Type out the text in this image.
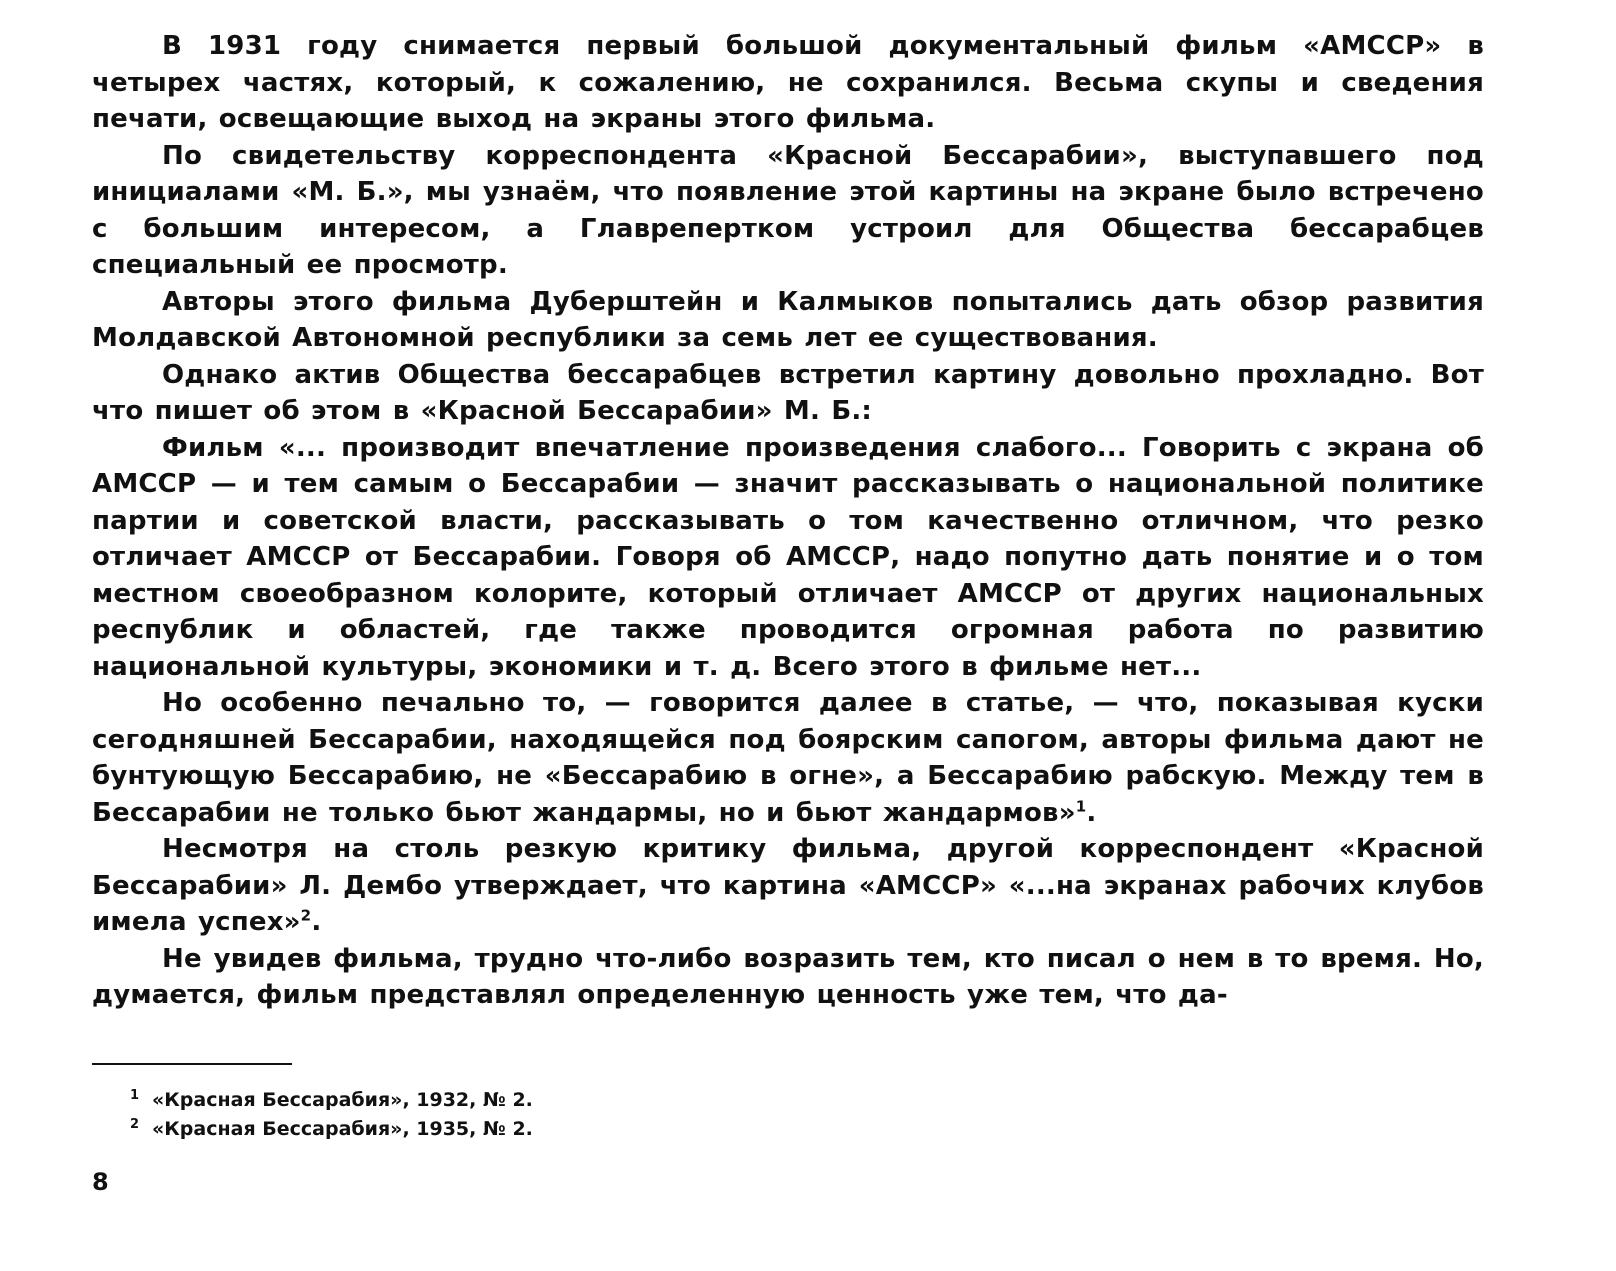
В 1931 году снимается первый большой документальный фильм «АМССР» в четырех частях, который, к сожалению, не сохранился. Весьма скупы и сведения печати, освещающие выход на экраны этого фильма.

По свидетельству корреспондента «Красной Бессарабии», выступавшего под инициалами «М. Б.», мы узнаём, что появление этой картины на экране было встречено с большим интересом, а Главрепертком устроил для Общества бессарабцев специальный ее просмотр.

Авторы этого фильма Дуберштейн и Калмыков попытались дать обзор развития Молдавской Автономной республики за семь лет ее существования.

Однако актив Общества бессарабцев встретил картину довольно прохладно. Вот что пишет об этом в «Красной Бессарабии» М. Б.:

Фильм «... производит впечатление произведения слабого... Говорить с экрана об АМССР — и тем самым о Бессарабии — значит рассказывать о национальной политике партии и советской власти, рассказывать о том качественно отличном, что резко отличает АМССР от Бессарабии. Говоря об АМССР, надо попутно дать понятие и о том местном своеобразном колорите, который отличает АМССР от других национальных республик и областей, где также проводится огромная работа по развитию национальной культуры, экономики и т. д. Всего этого в фильме нет...

Но особенно печально то, — говорится далее в статье, — что, показывая куски сегодняшней Бессарабии, находящейся под боярским сапогом, авторы фильма дают не бунтующую Бессарабию, не «Бессарабию в огне», а Бессарабию рабскую. Между тем в Бессарабии не только бьют жандармы, но и бьют жандармов»$^1$.

Несмотря на столь резкую критику фильма, другой корреспондент «Красной Бессарабии» Л. Дембо утверждает, что картина «АМССР» «...на экранах рабочих клубов имела успех»$^2$.

Не увидев фильма, трудно что-либо возразить тем, кто писал о нем в то время. Но, думается, фильм представлял определенную ценность уже тем, что да-

1 «Красная Бессарабия», 1932, № 2.

2 «Красная Бессарабия», 1935, № 2.

8
